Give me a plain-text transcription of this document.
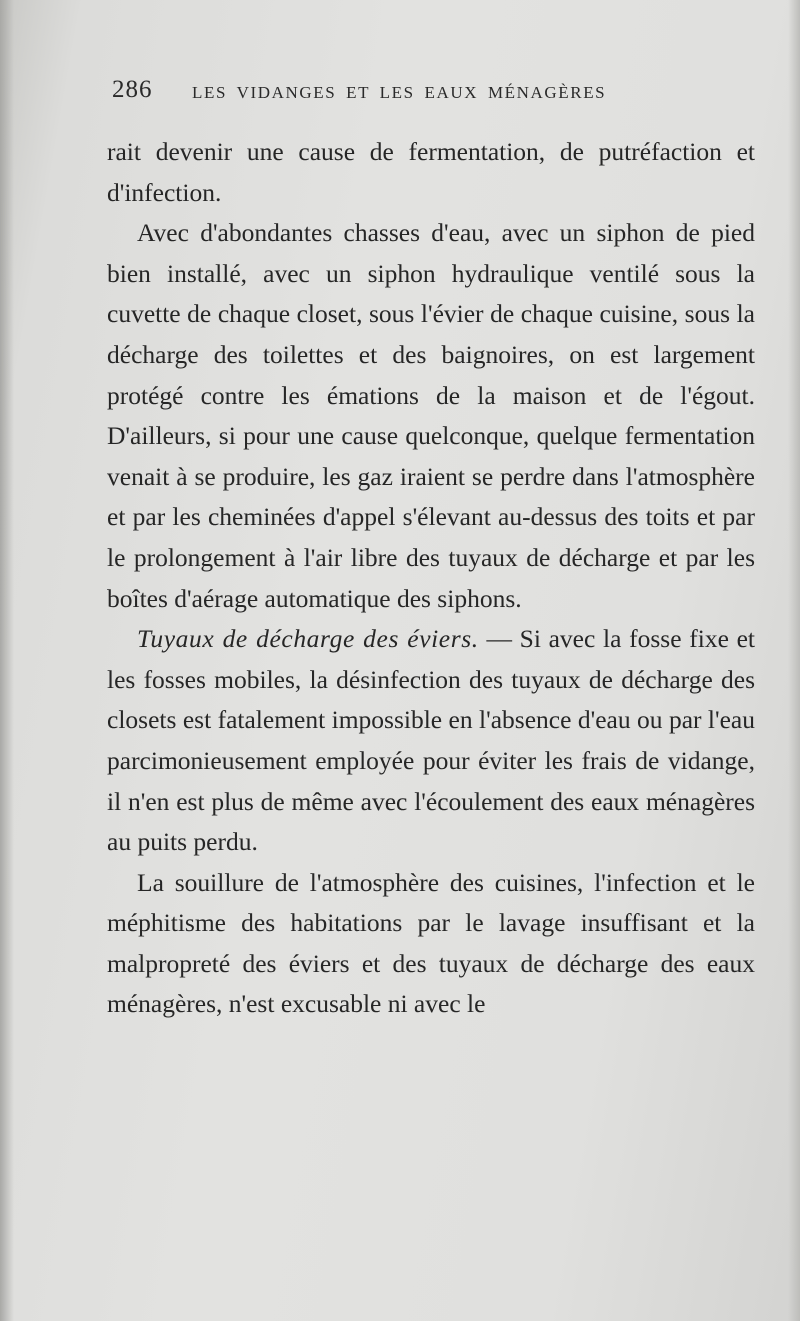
286 LES VIDANGES ET LES EAUX MÉNAGÈRES

rait devenir une cause de fermentation, de putréfaction et d'infection.

Avec d'abondantes chasses d'eau, avec un siphon de pied bien installé, avec un siphon hydraulique ventilé sous la cuvette de chaque closet, sous l'évier de chaque cuisine, sous la décharge des toilettes et des baignoires, on est largement protégé contre les émations de la maison et de l'égout. D'ailleurs, si pour une cause quelconque, quelque fermentation venait à se produire, les gaz iraient se perdre dans l'atmosphère et par les cheminées d'appel s'élevant au-dessus des toits et par le prolongement à l'air libre des tuyaux de décharge et par les boîtes d'aérage automatique des siphons.

Tuyaux de décharge des éviers. — Si avec la fosse fixe et les fosses mobiles, la désinfection des tuyaux de décharge des closets est fatalement impossible en l'absence d'eau ou par l'eau parcimonieusement employée pour éviter les frais de vidange, il n'en est plus de même avec l'écoulement des eaux ménagères au puits perdu.

La souillure de l'atmosphère des cuisines, l'infection et le méphitisme des habitations par le lavage insuffisant et la malpropreté des éviers et des tuyaux de décharge des eaux ménagères, n'est excusable ni avec le
